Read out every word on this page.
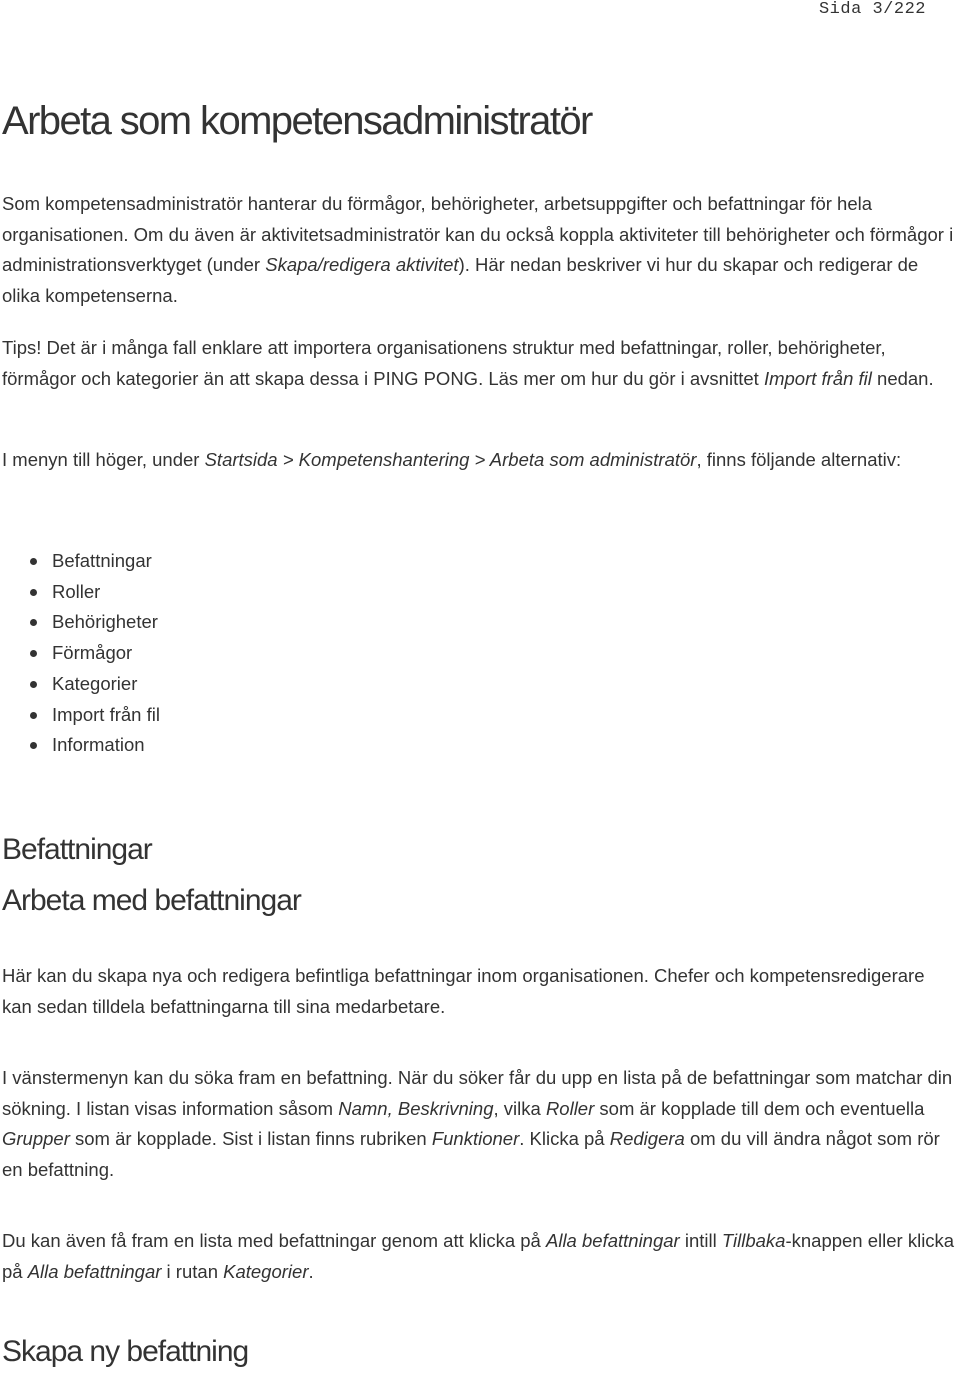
Sida 3/222
Arbeta som kompetensadministratör

Som kompetensadministratör hanterar du förmågor, behörigheter, arbetsuppgifter och befattningar för hela organisationen. Om du även är aktivitetsadministratör kan du också koppla aktiviteter till behörigheter och förmågor i administrationsverktyget (under Skapa/redigera aktivitet). Här nedan beskriver vi hur du skapar och redigerar de olika kompetenserna.

Tips! Det är i många fall enklare att importera organisationens struktur med befattningar, roller, behörigheter, förmågor och kategorier än att skapa dessa i PING PONG. Läs mer om hur du gör i avsnittet Import från fil nedan.

I menyn till höger, under Startsida > Kompetenshantering > Arbeta som administratör, finns följande alternativ:

Befattningar
Roller
Behörigheter
Förmågor
Kategorier
Import från fil
Information
Befattningar
Arbeta med befattningar

Här kan du skapa nya och redigera befintliga befattningar inom organisationen. Chefer och kompetensredigerare kan sedan tilldela befattningarna till sina medarbetare.

I vänstermenyn kan du söka fram en befattning. När du söker får du upp en lista på de befattningar som matchar din sökning. I listan visas information såsom Namn, Beskrivning, vilka Roller som är kopplade till dem och eventuella Grupper som är kopplade. Sist i listan finns rubriken Funktioner. Klicka på Redigera om du vill ändra något som rör en befattning.

Du kan även få fram en lista med befattningar genom att klicka på Alla befattningar intill Tillbaka-knappen eller klicka på Alla befattningar i rutan Kategorier.

Skapa ny befattning
